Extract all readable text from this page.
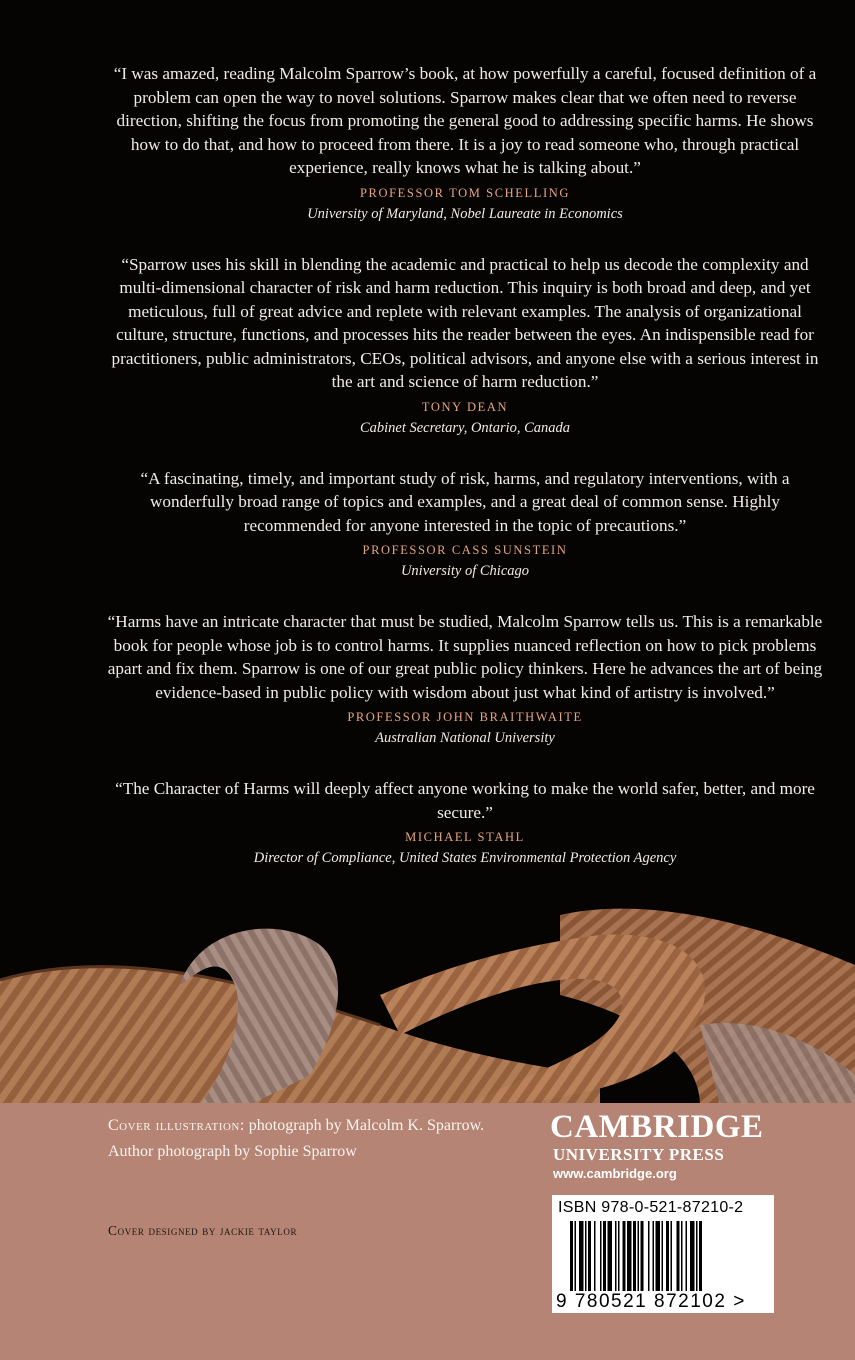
“I was amazed, reading Malcolm Sparrow’s book, at how powerfully a careful, focused definition of a problem can open the way to novel solutions. Sparrow makes clear that we often need to reverse direction, shifting the focus from promoting the general good to addressing specific harms. He shows how to do that, and how to proceed from there. It is a joy to read someone who, through practical experience, really knows what he is talking about.”

PROFESSOR TOM SCHELLING
University of Maryland, Nobel Laureate in Economics

“Sparrow uses his skill in blending the academic and practical to help us decode the complexity and multi-dimensional character of risk and harm reduction. This inquiry is both broad and deep, and yet meticulous, full of great advice and replete with relevant examples. The analysis of organizational culture, structure, functions, and processes hits the reader between the eyes. An indispensible read for practitioners, public administrators, CEOs, political advisors, and anyone else with a serious interest in the art and science of harm reduction.”

TONY DEAN
Cabinet Secretary, Ontario, Canada

“A fascinating, timely, and important study of risk, harms, and regulatory interventions, with a wonderfully broad range of topics and examples, and a great deal of common sense. Highly recommended for anyone interested in the topic of precautions.”

PROFESSOR CASS SUNSTEIN
University of Chicago

“Harms have an intricate character that must be studied, Malcolm Sparrow tells us. This is a remarkable book for people whose job is to control harms. It supplies nuanced reflection on how to pick problems apart and fix them. Sparrow is one of our great public policy thinkers. Here he advances the art of being evidence-based in public policy with wisdom about just what kind of artistry is involved.”

PROFESSOR JOHN BRAITHWAITE
Australian National University

“The Character of Harms will deeply affect anyone working to make the world safer, better, and more secure.”

MICHAEL STAHL
Director of Compliance, United States Environmental Protection Agency
Cover illustration: photograph by Malcolm K. Sparrow. Author photograph by Sophie Sparrow
Cover designed by jackie taylor
CAMBRIDGE
UNIVERSITY PRESS
www.cambridge.org
ISBN 978-0-521-87210-2
9 780521 872102 >
